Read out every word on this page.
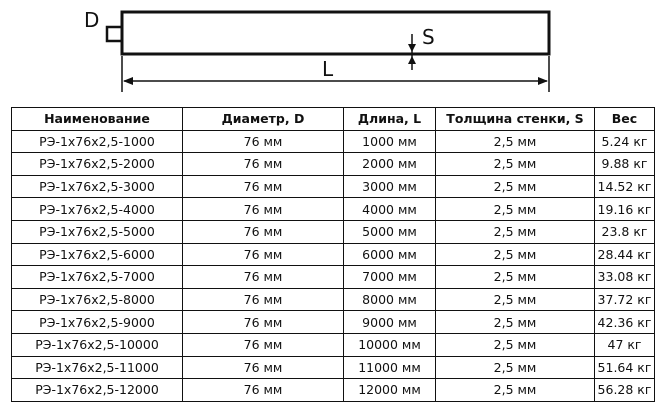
D
S
L
Наименование	Диаметр, D	Длина, L	Толщина стенки, S	Вес
РЭ-1х76х2,5-1000	76 мм	1000 мм	2,5 мм	5.24 кг
РЭ-1х76х2,5-2000	76 мм	2000 мм	2,5 мм	9.88 кг
РЭ-1х76х2,5-3000	76 мм	3000 мм	2,5 мм	14.52 кг
РЭ-1х76х2,5-4000	76 мм	4000 мм	2,5 мм	19.16 кг
РЭ-1х76х2,5-5000	76 мм	5000 мм	2,5 мм	23.8 кг
РЭ-1х76х2,5-6000	76 мм	6000 мм	2,5 мм	28.44 кг
РЭ-1х76х2,5-7000	76 мм	7000 мм	2,5 мм	33.08 кг
РЭ-1х76х2,5-8000	76 мм	8000 мм	2,5 мм	37.72 кг
РЭ-1х76х2,5-9000	76 мм	9000 мм	2,5 мм	42.36 кг
РЭ-1х76х2,5-10000	76 мм	10000 мм	2,5 мм	47 кг
РЭ-1х76х2,5-11000	76 мм	11000 мм	2,5 мм	51.64 кг
РЭ-1х76х2,5-12000	76 мм	12000 мм	2,5 мм	56.28 кг
